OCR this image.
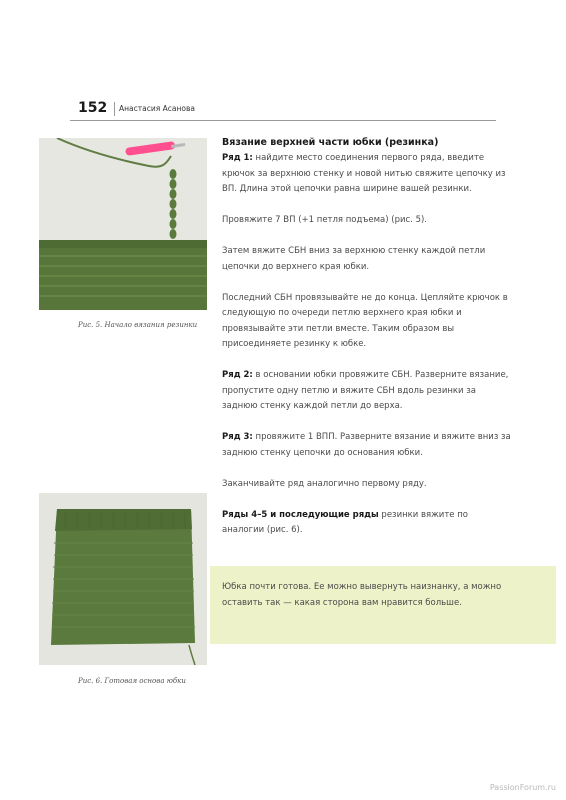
152 Анастасия Асанова
Рис. 5. Начало вязания резинки
Рис. 6. Готовая основа юбки
Вязание верхней части юбки (резинка)

Ряд 1: найдите место соединения первого ряда, введите крючок за верхнюю стенку и новой нитью свяжите цепочку из ВП. Длина этой цепочки равна ширине вашей резинки.

Провяжите 7 ВП (+1 петля подъема) (рис. 5).

Затем вяжите СБН вниз за верхнюю стенку каждой петли цепочки до верхнего края юбки.

Последний СБН провязывайте не до конца. Цепляйте крючок в следующую по очереди петлю верхнего края юбки и провязывайте эти петли вместе. Таким образом вы присоединяете резинку к юбке.

Ряд 2: в основании юбки провяжите СБН. Разверните вязание, пропустите одну петлю и вяжите СБН вдоль резинки за заднюю стенку каждой петли до верха.

Ряд 3: провяжите 1 ВПП. Разверните вязание и вяжите вниз за заднюю стенку цепочки до основания юбки.

Заканчивайте ряд аналогично первому ряду.

Ряды 4–5 и последующие ряды резинки вяжите по аналогии (рис. 6).

Юбка почти готова. Ее можно вывернуть наизнанку, а можно оставить так — какая сторона вам нравится больше.
PassionForum.ru
